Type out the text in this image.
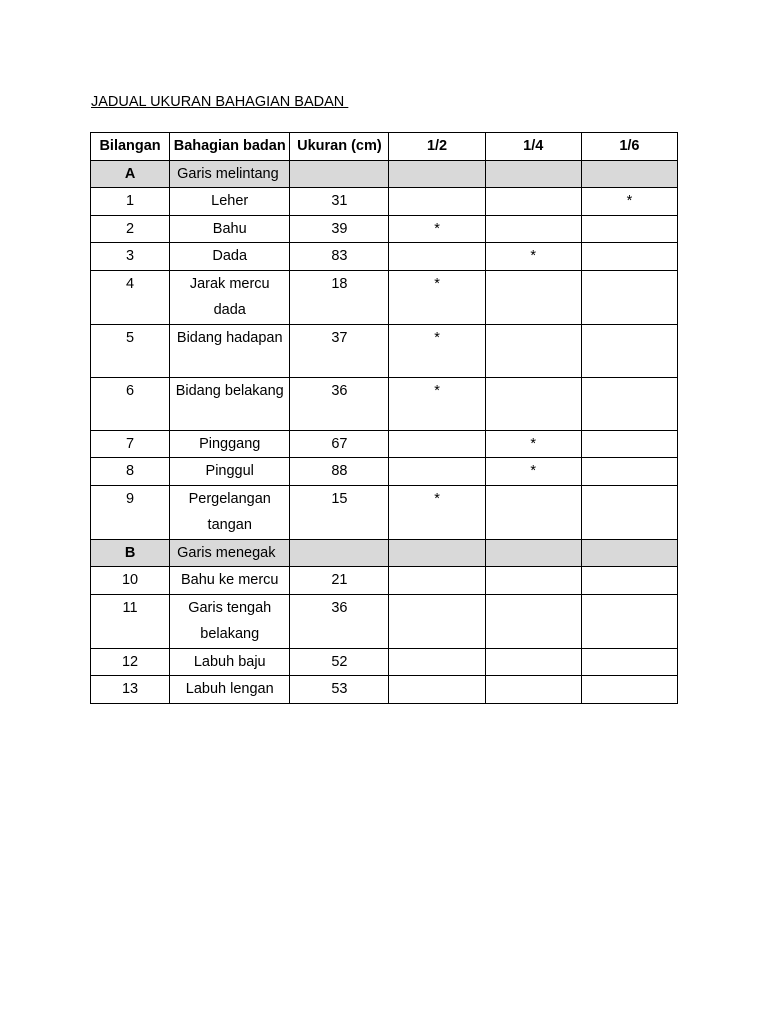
JADUAL UKURAN BAHAGIAN BADAN
Bilangan	Bahagian badan	Ukuran (cm)	1/2	1/4	1/6
A	Garis melintang				
1	Leher	31			*
2	Bahu	39	*		
3	Dada	83		*	
4	Jarak mercu dada	18	*		
5	Bidang hadapan	37	*		
6	Bidang belakang	36	*		
7	Pinggang	67		*	
8	Pinggul	88		*	
9	Pergelangan tangan	15	*		
B	Garis menegak				
10	Bahu ke mercu	21			
11	Garis tengah belakang	36			
12	Labuh baju	52			
13	Labuh lengan	53			
